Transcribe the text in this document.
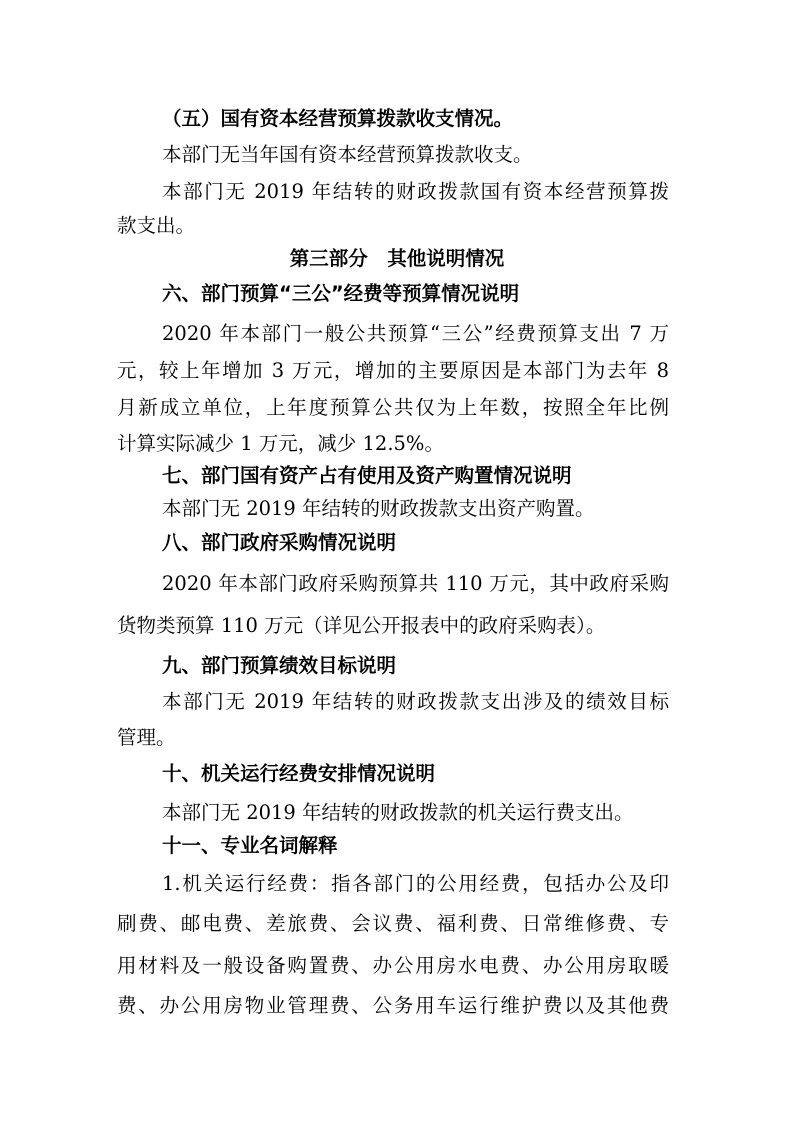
（五）国有资本经营预算拨款收支情况。
本部门无当年国有资本经营预算拨款收支。
本部门无 2019 年结转的财政拨款国有资本经营预算拨
款支出。
第三部分　其他说明情况
六、部门预算“三公”经费等预算情况说明
2020 年本部门一般公共预算“三公”经费预算支出 7 万
元，较上年增加 3 万元，增加的主要原因是本部门为去年 8
月新成立单位，上年度预算公共仅为上年数，按照全年比例
计算实际减少 1 万元，减少 12.5%。
七、部门国有资产占有使用及资产购置情况说明
本部门无 2019 年结转的财政拨款支出资产购置。
八、部门政府采购情况说明
2020 年本部门政府采购预算共 110 万元，其中政府采购
货物类预算 110 万元（详见公开报表中的政府采购表）。
九、部门预算绩效目标说明
本部门无 2019 年结转的财政拨款支出涉及的绩效目标
管理。
十、机关运行经费安排情况说明
本部门无 2019 年结转的财政拨款的机关运行费支出。
十一、专业名词解释
1.机关运行经费：指各部门的公用经费，包括办公及印
刷费、邮电费、差旅费、会议费、福利费、日常维修费、专
用材料及一般设备购置费、办公用房水电费、办公用房取暖
费、办公用房物业管理费、公务用车运行维护费以及其他费
